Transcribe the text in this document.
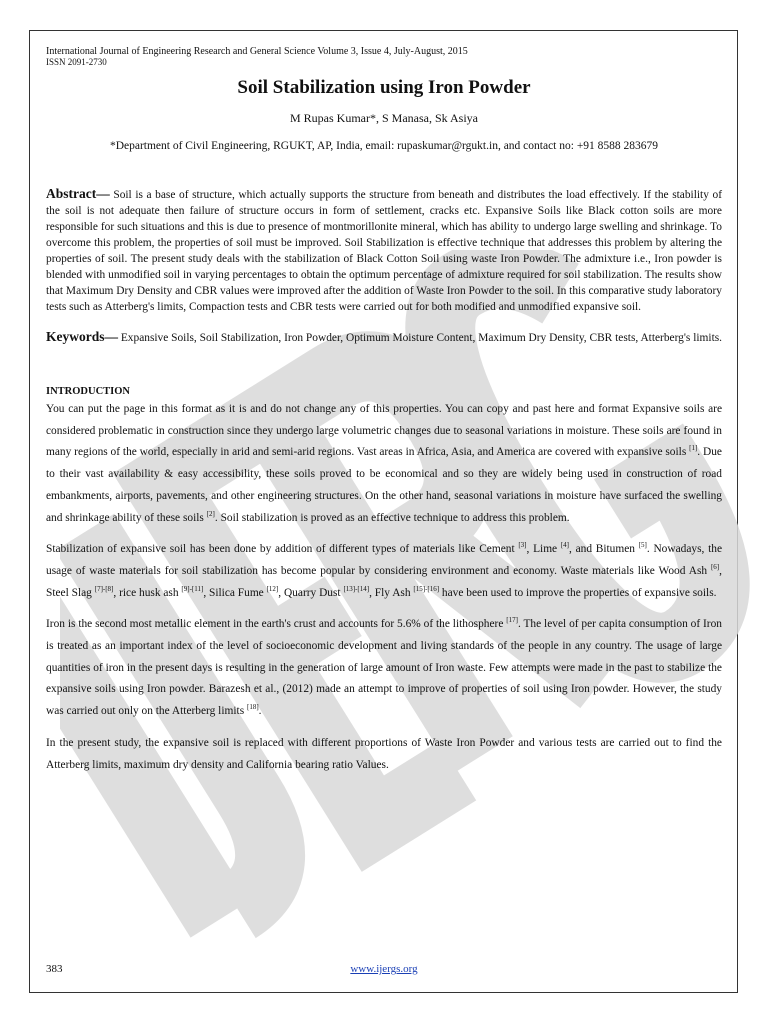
International Journal of Engineering Research and General Science Volume 3, Issue 4, July-August, 2015

ISSN 2091-2730

Soil Stabilization using Iron Powder

M Rupas Kumar*, S Manasa, Sk Asiya

*Department of Civil Engineering, RGUKT, AP, India, email: rupaskumar@rgukt.in, and contact no: +91 8588 283679

Abstract— Soil is a base of structure, which actually supports the structure from beneath and distributes the load effectively. If the stability of the soil is not adequate then failure of structure occurs in form of settlement, cracks etc. Expansive Soils like Black cotton soils are more responsible for such situations and this is due to presence of montmorillonite mineral, which has ability to undergo large swelling and shrinkage. To overcome this problem, the properties of soil must be improved. Soil Stabilization is effective technique that addresses this problem by altering the properties of soil. The present study deals with the stabilization of Black Cotton Soil using waste Iron Powder. The admixture i.e., Iron powder is blended with unmodified soil in varying percentages to obtain the optimum percentage of admixture required for soil stabilization. The results show that Maximum Dry Density and CBR values were improved after the addition of Waste Iron Powder to the soil. In this comparative study laboratory tests such as Atterberg's limits, Compaction tests and CBR tests were carried out for both modified and unmodified expansive soil.

Keywords— Expansive Soils, Soil Stabilization, Iron Powder, Optimum Moisture Content, Maximum Dry Density, CBR tests, Atterberg's limits.

INTRODUCTION

You can put the page in this format as it is and do not change any of this properties. You can copy and past here and format Expansive soils are considered problematic in construction since they undergo large volumetric changes due to seasonal variations in moisture. These soils are found in many regions of the world, especially in arid and semi-arid regions. Vast areas in Africa, Asia, and America are covered with expansive soils [1]. Due to their vast availability & easy accessibility, these soils proved to be economical and so they are widely being used in construction of road embankments, airports, pavements, and other engineering structures. On the other hand, seasonal variations in moisture have surfaced the swelling and shrinkage ability of these soils [2]. Soil stabilization is proved as an effective technique to address this problem.

Stabilization of expansive soil has been done by addition of different types of materials like Cement [3], Lime [4], and Bitumen [5]. Nowadays, the usage of waste materials for soil stabilization has become popular by considering environment and economy. Waste materials like Wood Ash [6], Steel Slag [7]-[8], rice husk ash [9]-[11], Silica Fume [12], Quarry Dust [13]-[14], Fly Ash [15]-[16] have been used to improve the properties of expansive soils.

Iron is the second most metallic element in the earth's crust and accounts for 5.6% of the lithosphere [17]. The level of per capita consumption of Iron is treated as an important index of the level of socioeconomic development and living standards of the people in any country. The usage of large quantities of iron in the present days is resulting in the generation of large amount of Iron waste. Few attempts were made in the past to stabilize the expansive soils using Iron powder. Barazesh et al., (2012) made an attempt to improve of properties of soil using Iron powder. However, the study was carried out only on the Atterberg limits [18].

In the present study, the expansive soil is replaced with different proportions of Waste Iron Powder and various tests are carried out to find the Atterberg limits, maximum dry density and California bearing ratio Values.

383	www.ijergs.org
